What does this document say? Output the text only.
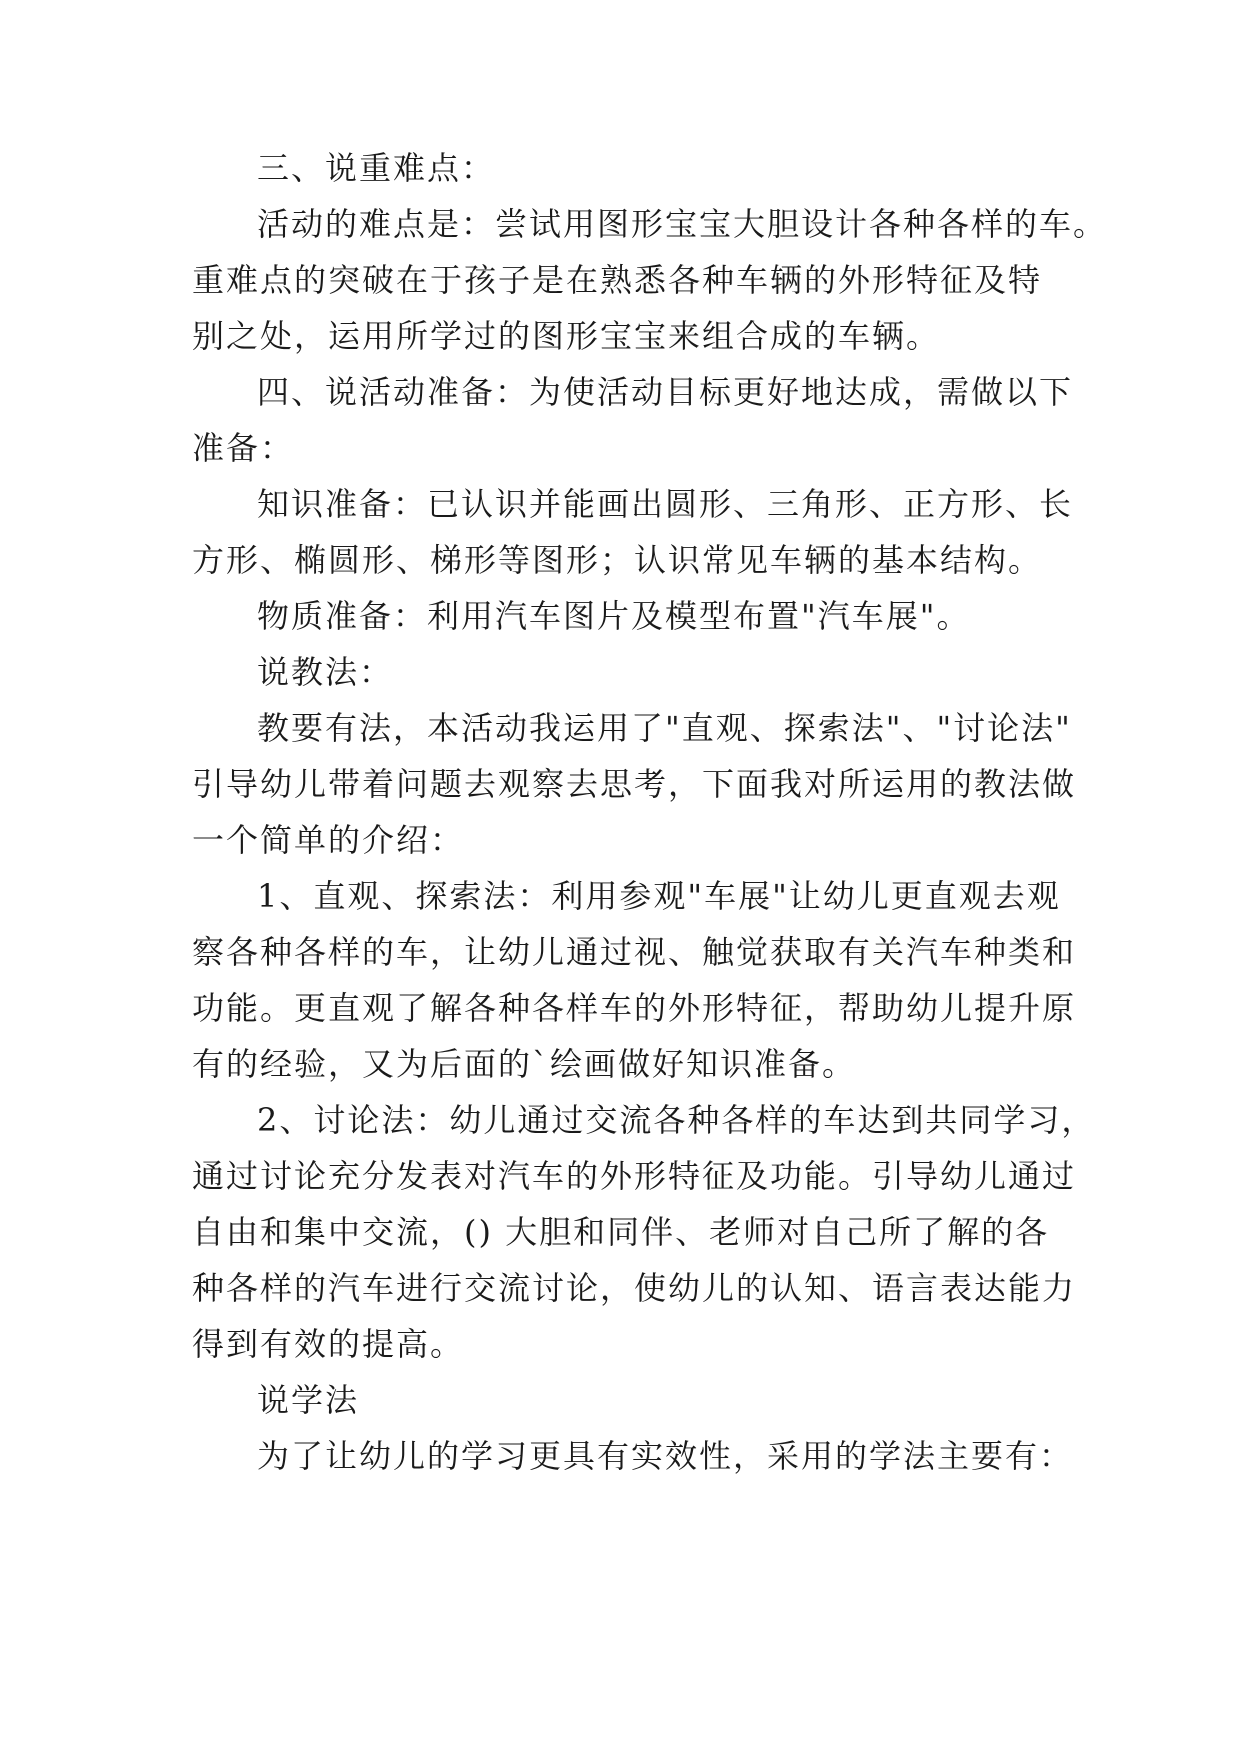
三、说重难点：
活动的难点是：尝试用图形宝宝大胆设计各种各样的车。
重难点的突破在于孩子是在熟悉各种车辆的外形特征及特
别之处，运用所学过的图形宝宝来组合成的车辆。
四、说活动准备：为使活动目标更好地达成，需做以下
准备：
知识准备：已认识并能画出圆形、三角形、正方形、长
方形、椭圆形、梯形等图形；认识常见车辆的基本结构。
物质准备：利用汽车图片及模型布置"汽车展"。
说教法：
教要有法，本活动我运用了"直观、探索法"、"讨论法"
引导幼儿带着问题去观察去思考，下面我对所运用的教法做
一个简单的介绍：
1、直观、探索法：利用参观"车展"让幼儿更直观去观
察各种各样的车，让幼儿通过视、触觉获取有关汽车种类和
功能。更直观了解各种各样车的外形特征，帮助幼儿提升原
有的经验，又为后面的`绘画做好知识准备。
2、讨论法：幼儿通过交流各种各样的车达到共同学习，
通过讨论充分发表对汽车的外形特征及功能。引导幼儿通过
自由和集中交流，() 大胆和同伴、老师对自己所了解的各
种各样的汽车进行交流讨论，使幼儿的认知、语言表达能力
得到有效的提高。
说学法
为了让幼儿的学习更具有实效性，采用的学法主要有：
